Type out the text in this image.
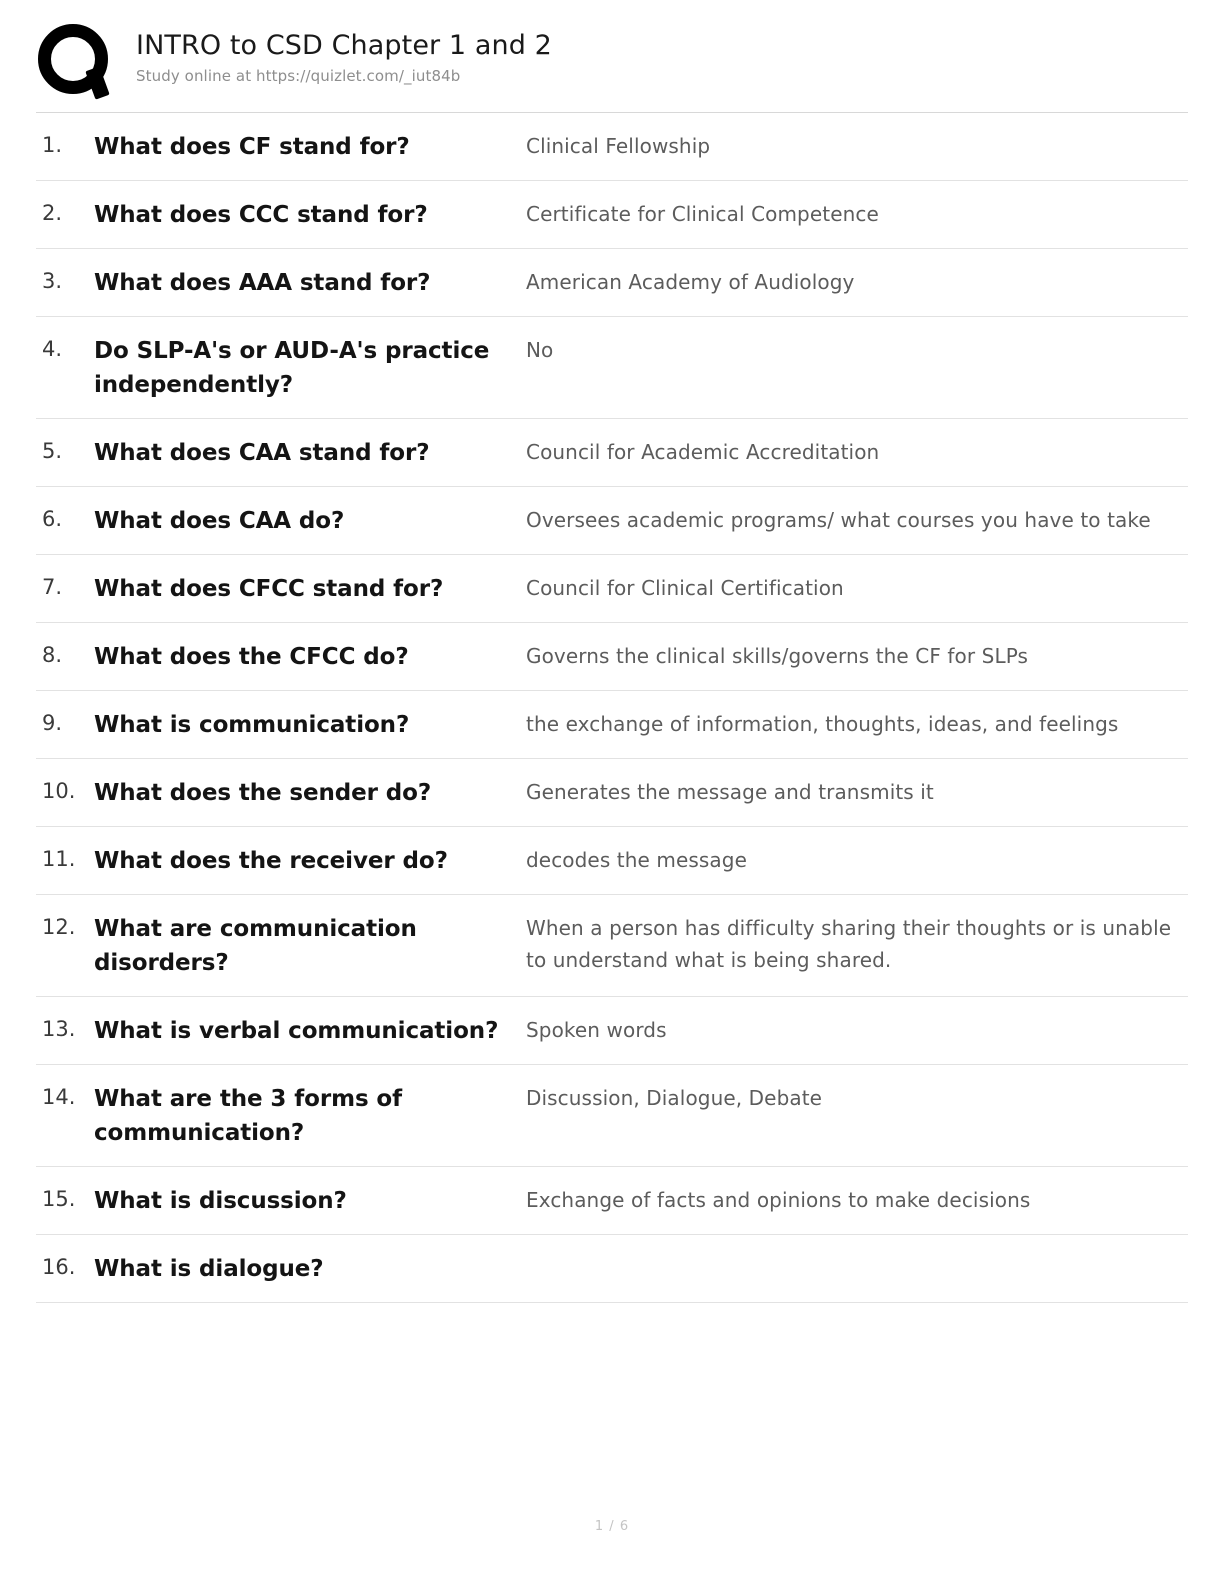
INTRO to CSD Chapter 1 and 2
Study online at https://quizlet.com/_iut84b
1.	What does CF stand for?	Clinical Fellowship
2.	What does CCC stand for?	Certificate for Clinical Competence
3.	What does AAA stand for?	American Academy of Audiology
4.	Do SLP-A's or AUD-A's practice independently?	No
5.	What does CAA stand for?	Council for Academic Accreditation
6.	What does CAA do?	Oversees academic programs/ what courses you have to take
7.	What does CFCC stand for?	Council for Clinical Certification
8.	What does the CFCC do?	Governs the clinical skills/governs the CF for SLPs
9.	What is communication?	the exchange of information, thoughts, ideas, and feelings
10.	What does the sender do?	Generates the message and transmits it
11.	What does the receiver do?	decodes the message
12.	What are communication disorders?	When a person has difficulty sharing their thoughts or is unable to understand what is being shared.
13.	What is verbal communication?	Spoken words
14.	What are the 3 forms of communication?	Discussion, Dialogue, Debate
15.	What is discussion?	Exchange of facts and opinions to make decisions
16.	What is dialogue?	

1 / 6
